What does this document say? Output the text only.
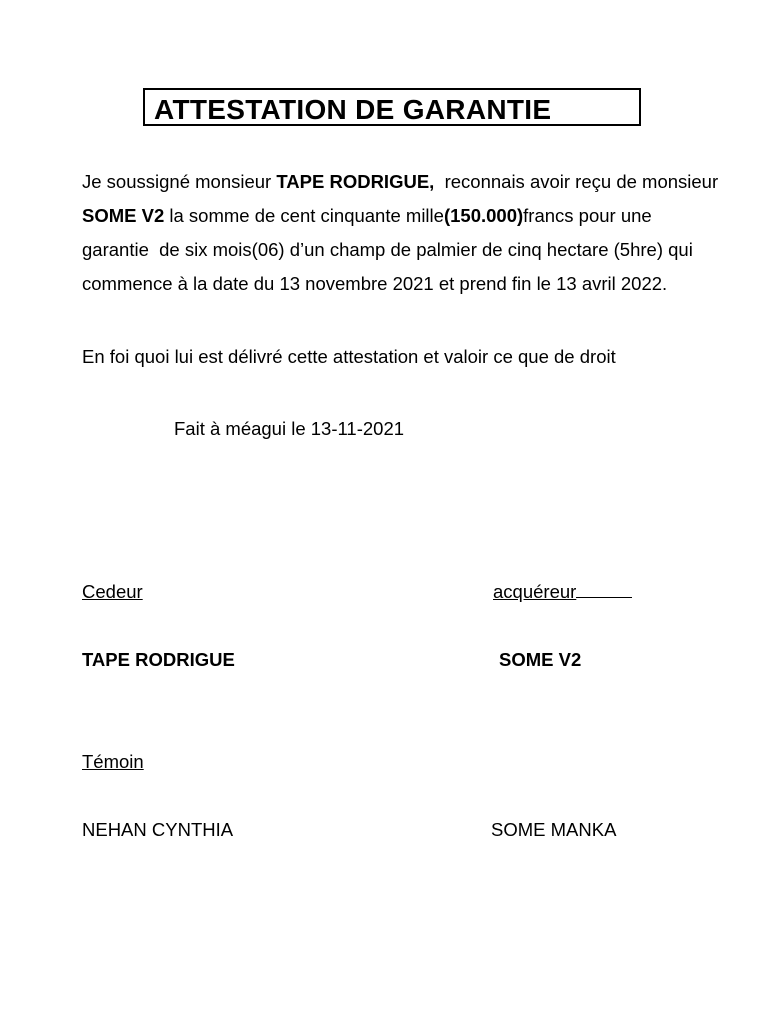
ATTESTATION DE GARANTIE
Je soussigné monsieur TAPE RODRIGUE,  reconnais avoir reçu de monsieur  SOME V2 la somme de cent cinquante mille(150.000)francs pour une garantie  de six mois(06) d’un champ de palmier de cinq hectare (5hre) qui commence à la date du 13 novembre 2021 et prend fin le 13 avril 2022.
En foi quoi lui est délivré cette attestation et valoir ce que de droit
Fait à méagui le 13-11-2021
Cedeur	acquéreur
TAPE RODRIGUE	SOME V2
Témoin
NEHAN CYNTHIA	SOME MANKA
